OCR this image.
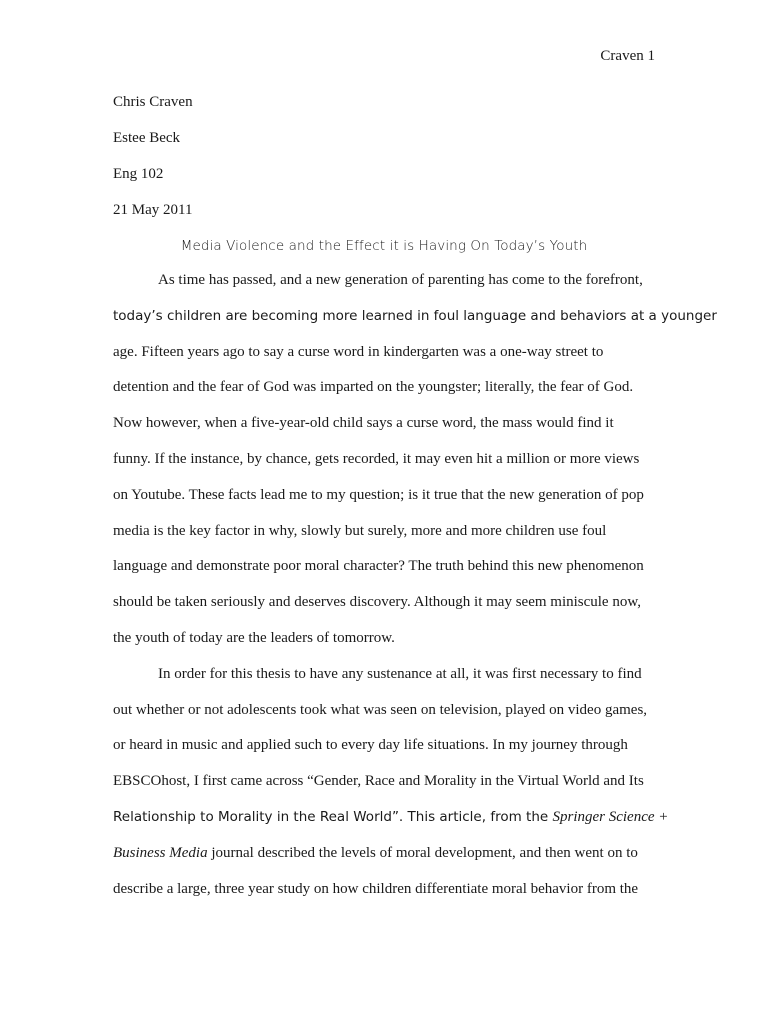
Craven 1
Chris Craven
Estee Beck
Eng 102
21 May 2011
Media Violence and the Effect it is Having On Today’s Youth
As time has passed, and a new generation of parenting has come to the forefront,
today’s children are becoming more learned in foul language and behaviors at a younger
age. Fifteen years ago to say a curse word in kindergarten was a one-way street to
detention and the fear of God was imparted on the youngster; literally, the fear of God.
Now however, when a five-year-old child says a curse word, the mass would find it
funny. If the instance, by chance, gets recorded, it may even hit a million or more views
on Youtube. These facts lead me to my question; is it true that the new generation of pop
media is the key factor in why, slowly but surely, more and more children use foul
language and demonstrate poor moral character? The truth behind this new phenomenon
should be taken seriously and deserves discovery. Although it may seem miniscule now,
the youth of today are the leaders of tomorrow.
In order for this thesis to have any sustenance at all, it was first necessary to find
out whether or not adolescents took what was seen on television, played on video games,
or heard in music and applied such to every day life situations. In my journey through
EBSCOhost, I first came across “Gender, Race and Morality in the Virtual World and Its
Relationship to Morality in the Real World”. This article, from the Springer Science +
Business Media journal described the levels of moral development, and then went on to
describe a large, three year study on how children differentiate moral behavior from the
